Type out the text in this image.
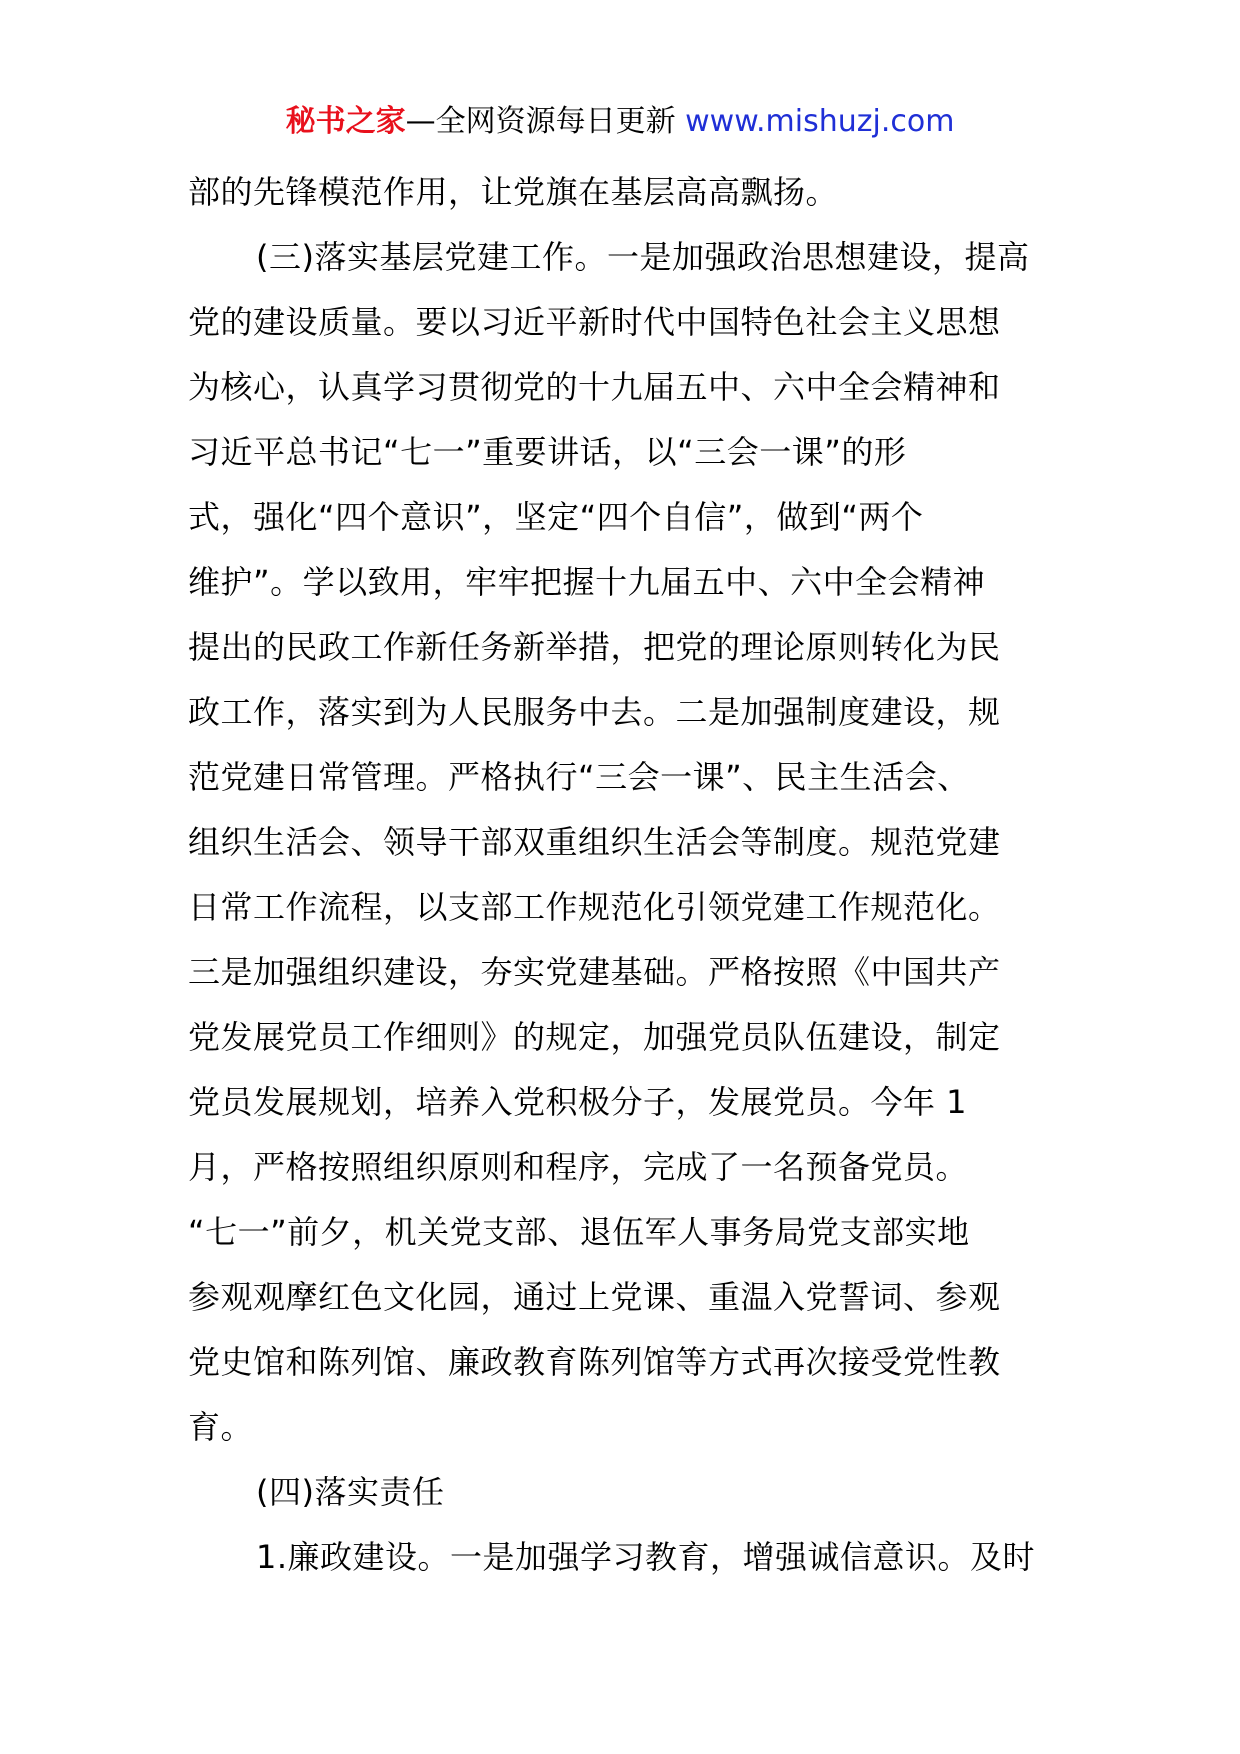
秘书之家—全网资源每日更新 www.mishuzj.com
部的先锋模范作用，让党旗在基层高高飘扬。
(三)落实基层党建工作。一是加强政治思想建设，提高
党的建设质量。要以习近平新时代中国特色社会主义思想
为核心，认真学习贯彻党的十九届五中、六中全会精神和
习近平总书记“七一”重要讲话，以“三会一课”的形
式，强化“四个意识”，坚定“四个自信”，做到“两个
维护”。学以致用，牢牢把握十九届五中、六中全会精神
提出的民政工作新任务新举措，把党的理论原则转化为民
政工作，落实到为人民服务中去。二是加强制度建设，规
范党建日常管理。严格执行“三会一课”、民主生活会、
组织生活会、领导干部双重组织生活会等制度。规范党建
日常工作流程，以支部工作规范化引领党建工作规范化。
三是加强组织建设，夯实党建基础。严格按照《中国共产
党发展党员工作细则》的规定，加强党员队伍建设，制定
党员发展规划，培养入党积极分子，发展党员。今年 1
月，严格按照组织原则和程序，完成了一名预备党员。
“七一”前夕，机关党支部、退伍军人事务局党支部实地
参观观摩红色文化园，通过上党课、重温入党誓词、参观
党史馆和陈列馆、廉政教育陈列馆等方式再次接受党性教
育。
(四)落实责任
1.廉政建设。一是加强学习教育，增强诚信意识。及时
